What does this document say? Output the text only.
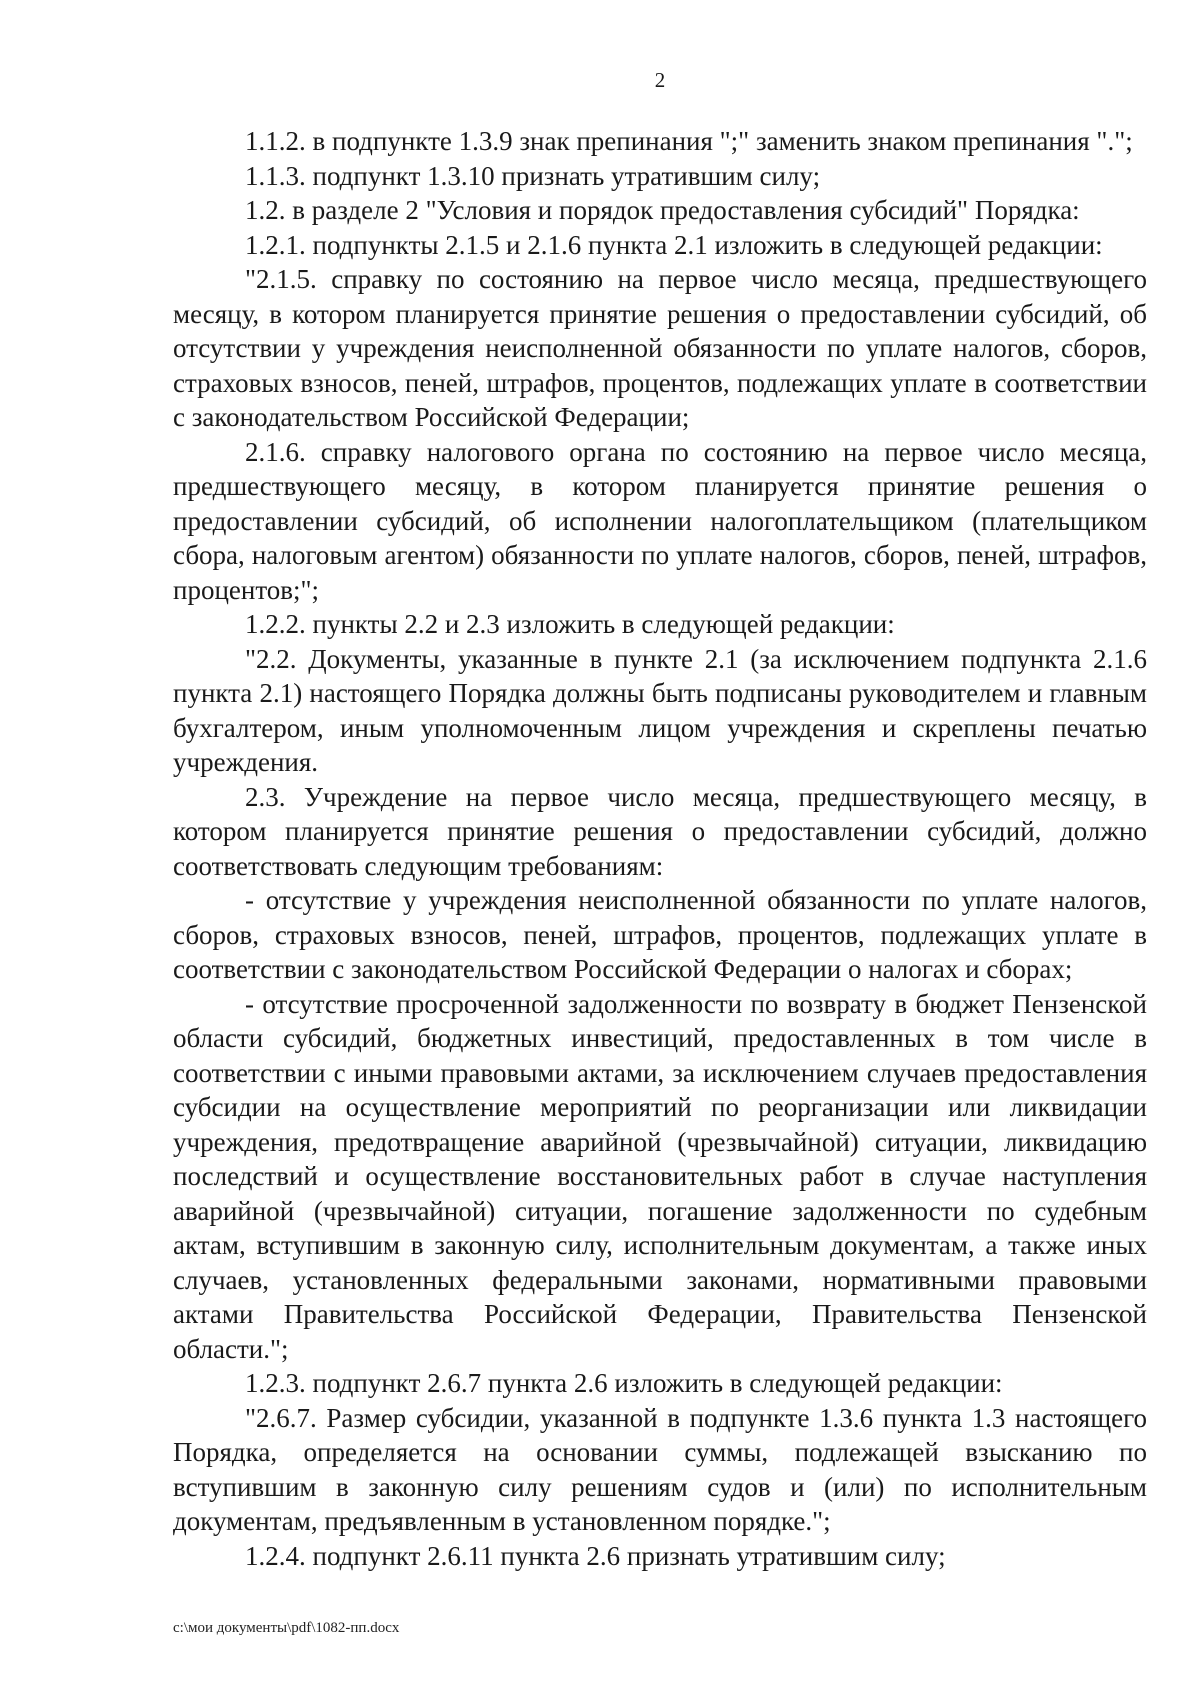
2

1.1.2. в подпункте 1.3.9 знак препинания ";" заменить знаком препинания ".";

1.1.3. подпункт 1.3.10 признать утратившим силу;

1.2. в разделе 2 "Условия и порядок предоставления субсидий" Порядка:

1.2.1. подпункты 2.1.5 и 2.1.6 пункта 2.1 изложить в следующей редакции:

"2.1.5. справку по состоянию на первое число месяца, предшествующего месяцу, в котором планируется принятие решения о предоставлении субсидий, об отсутствии у учреждения неисполненной обязанности по уплате налогов, сборов, страховых взносов, пеней, штрафов, процентов, подлежащих уплате в соответствии с законодательством Российской Федерации;

2.1.6. справку налогового органа по состоянию на первое число месяца, предшествующего месяцу, в котором планируется принятие решения о предоставлении субсидий, об исполнении налогоплательщиком (плательщиком сбора, налоговым агентом) обязанности по уплате налогов, сборов, пеней, штрафов, процентов;";

1.2.2. пункты 2.2 и 2.3 изложить в следующей редакции:

"2.2. Документы, указанные в пункте 2.1 (за исключением подпункта 2.1.6 пункта 2.1) настоящего Порядка должны быть подписаны руководителем и главным бухгалтером, иным уполномоченным лицом учреждения и скреплены печатью учреждения.

2.3. Учреждение на первое число месяца, предшествующего месяцу, в котором планируется принятие решения о предоставлении субсидий, должно соответствовать следующим требованиям:

- отсутствие у учреждения неисполненной обязанности по уплате налогов, сборов, страховых взносов, пеней, штрафов, процентов, подлежащих уплате в соответствии с законодательством Российской Федерации о налогах и сборах;

- отсутствие просроченной задолженности по возврату в бюджет Пензенской области субсидий, бюджетных инвестиций, предоставленных в том числе в соответствии с иными правовыми актами, за исключением случаев предоставления субсидии на осуществление мероприятий по реорганизации или ликвидации учреждения, предотвращение аварийной (чрезвычайной) ситуации, ликвидацию последствий и осуществление восстановительных работ в случае наступления аварийной (чрезвычайной) ситуации, погашение задолженности по судебным актам, вступившим в законную силу, исполнительным документам, а также иных случаев, установленных федеральными законами, нормативными правовыми актами Правительства Российской Федерации, Правительства Пензенской области.";

1.2.3. подпункт 2.6.7 пункта 2.6 изложить в следующей редакции:

"2.6.7. Размер субсидии, указанной в подпункте 1.3.6 пункта 1.3 настоящего Порядка, определяется на основании суммы, подлежащей взысканию по вступившим в законную силу решениям судов и (или) по исполнительным документам, предъявленным в установленном порядке.";

1.2.4. подпункт 2.6.11 пункта 2.6 признать утратившим силу;

c:\мои документы\pdf\1082-пп.docx
